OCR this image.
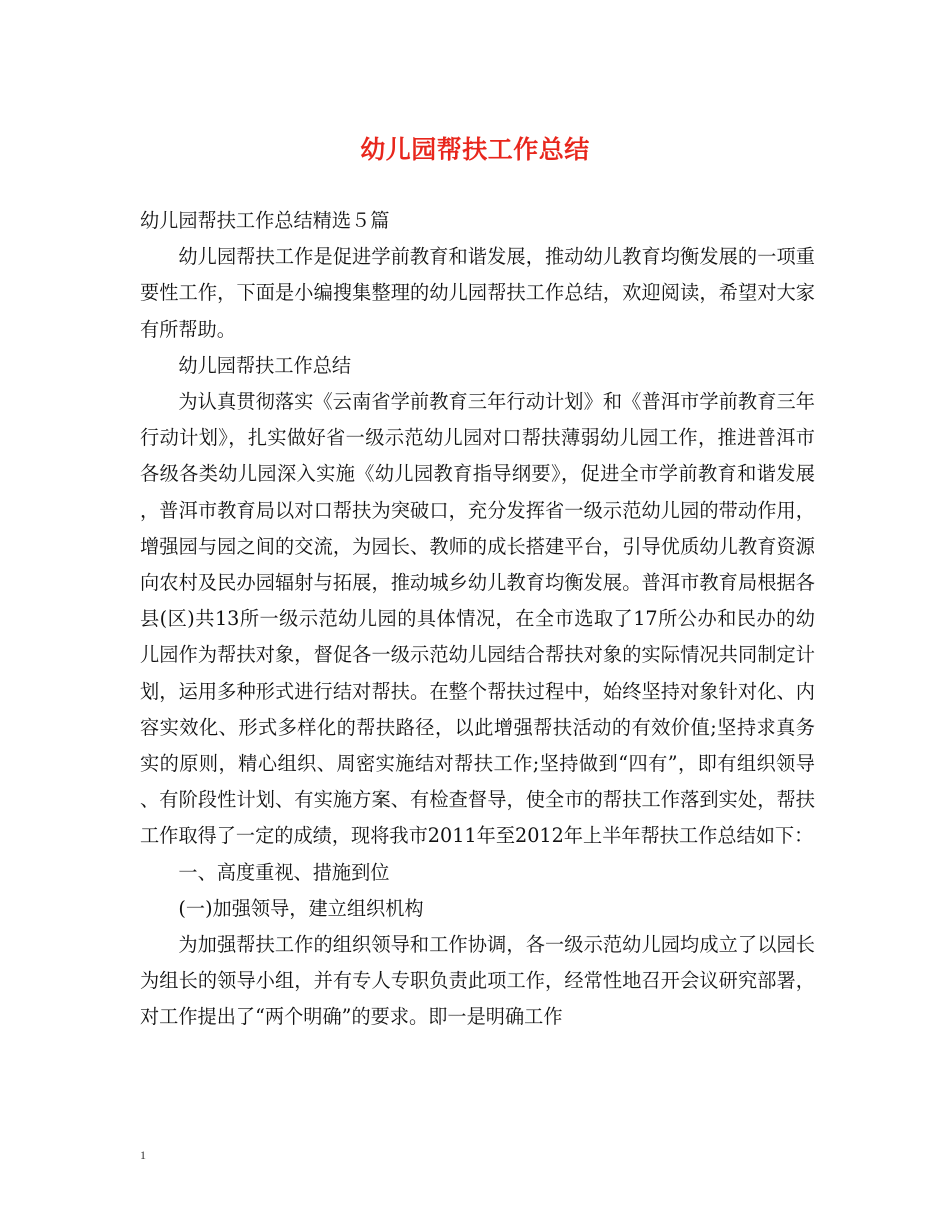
幼儿园帮扶工作总结

幼儿园帮扶工作总结精选５篇

幼儿园帮扶工作是促进学前教育和谐发展，推动幼儿教育均衡发展的一项重要性工作，下面是小编搜集整理的幼儿园帮扶工作总结，欢迎阅读，希望对大家有所帮助。

幼儿园帮扶工作总结

为认真贯彻落实《云南省学前教育三年行动计划》和《普洱市学前教育三年行动计划》，扎实做好省一级示范幼儿园对口帮扶薄弱幼儿园工作，推进普洱市各级各类幼儿园深入实施《幼儿园教育指导纲要》，促进全市学前教育和谐发展，普洱市教育局以对口帮扶为突破口，充分发挥省一级示范幼儿园的带动作用，增强园与园之间的交流，为园长、教师的成长搭建平台，引导优质幼儿教育资源向农村及民办园辐射与拓展，推动城乡幼儿教育均衡发展。普洱市教育局根据各县(区)共13所一级示范幼儿园的具体情况，在全市选取了17所公办和民办的幼儿园作为帮扶对象，督促各一级示范幼儿园结合帮扶对象的实际情况共同制定计划，运用多种形式进行结对帮扶。在整个帮扶过程中，始终坚持对象针对化、内容实效化、形式多样化的帮扶路径，以此增强帮扶活动的有效价值;坚持求真务实的原则，精心组织、周密实施结对帮扶工作;坚持做到“四有”，即有组织领导、有阶段性计划、有实施方案、有检查督导，使全市的帮扶工作落到实处，帮扶工作取得了一定的成绩，现将我市2011年至2012年上半年帮扶工作总结如下：

一、高度重视、措施到位

(一)加强领导，建立组织机构

为加强帮扶工作的组织领导和工作协调，各一级示范幼儿园均成立了以园长为组长的领导小组，并有专人专职负责此项工作，经常性地召开会议研究部署，对工作提出了“两个明确”的要求。即一是明确工作

1
